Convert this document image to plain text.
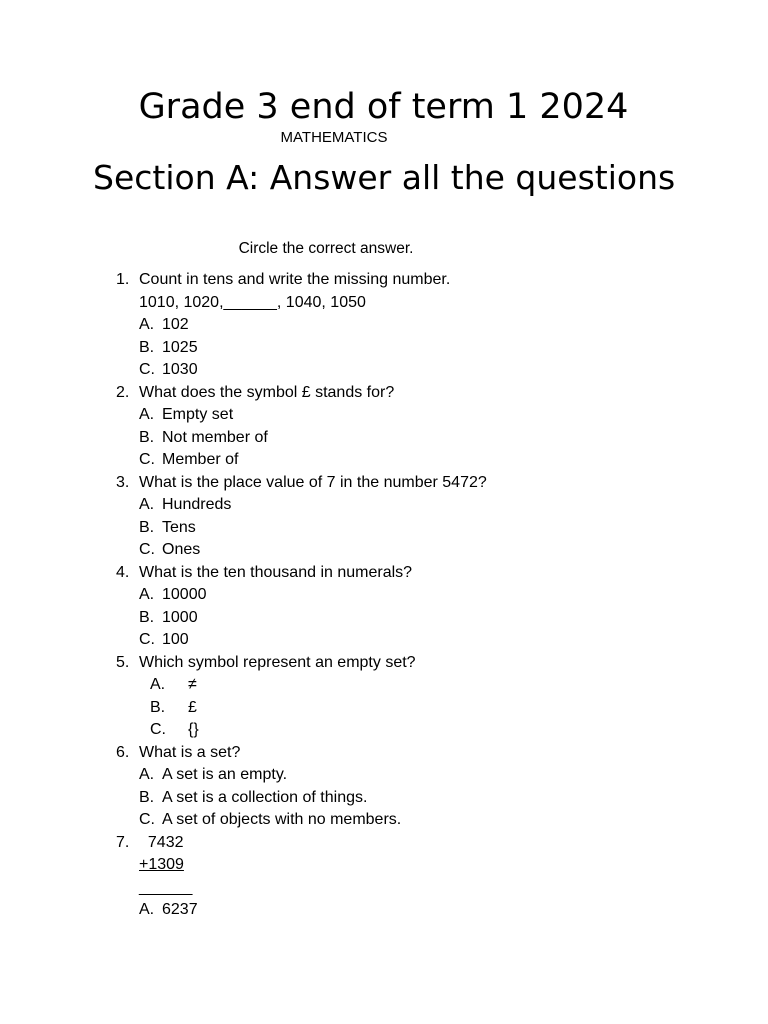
Grade 3 end of term 1 2024
MATHEMATICS
Section A: Answer all the questions
Circle the correct answer.
1. Count in tens and write the missing number.
1010, 1020,______, 1040, 1050
A. 102
B. 1025
C. 1030
2. What does the symbol £ stands for?
A. Empty set
B. Not member of
C. Member of
3. What is the place value of 7 in the number 5472?
A. Hundreds
B. Tens
C. Ones
4. What is the ten thousand in numerals?
A. 10000
B. 1000
C. 100
5. Which symbol represent an empty set?
A. ≠
B. £
C. {}
6. What is a set?
A. A set is an empty.
B. A set is a collection of things.
C. A set of objects with no members.
7. 7432
+1309
______
A. 6237
